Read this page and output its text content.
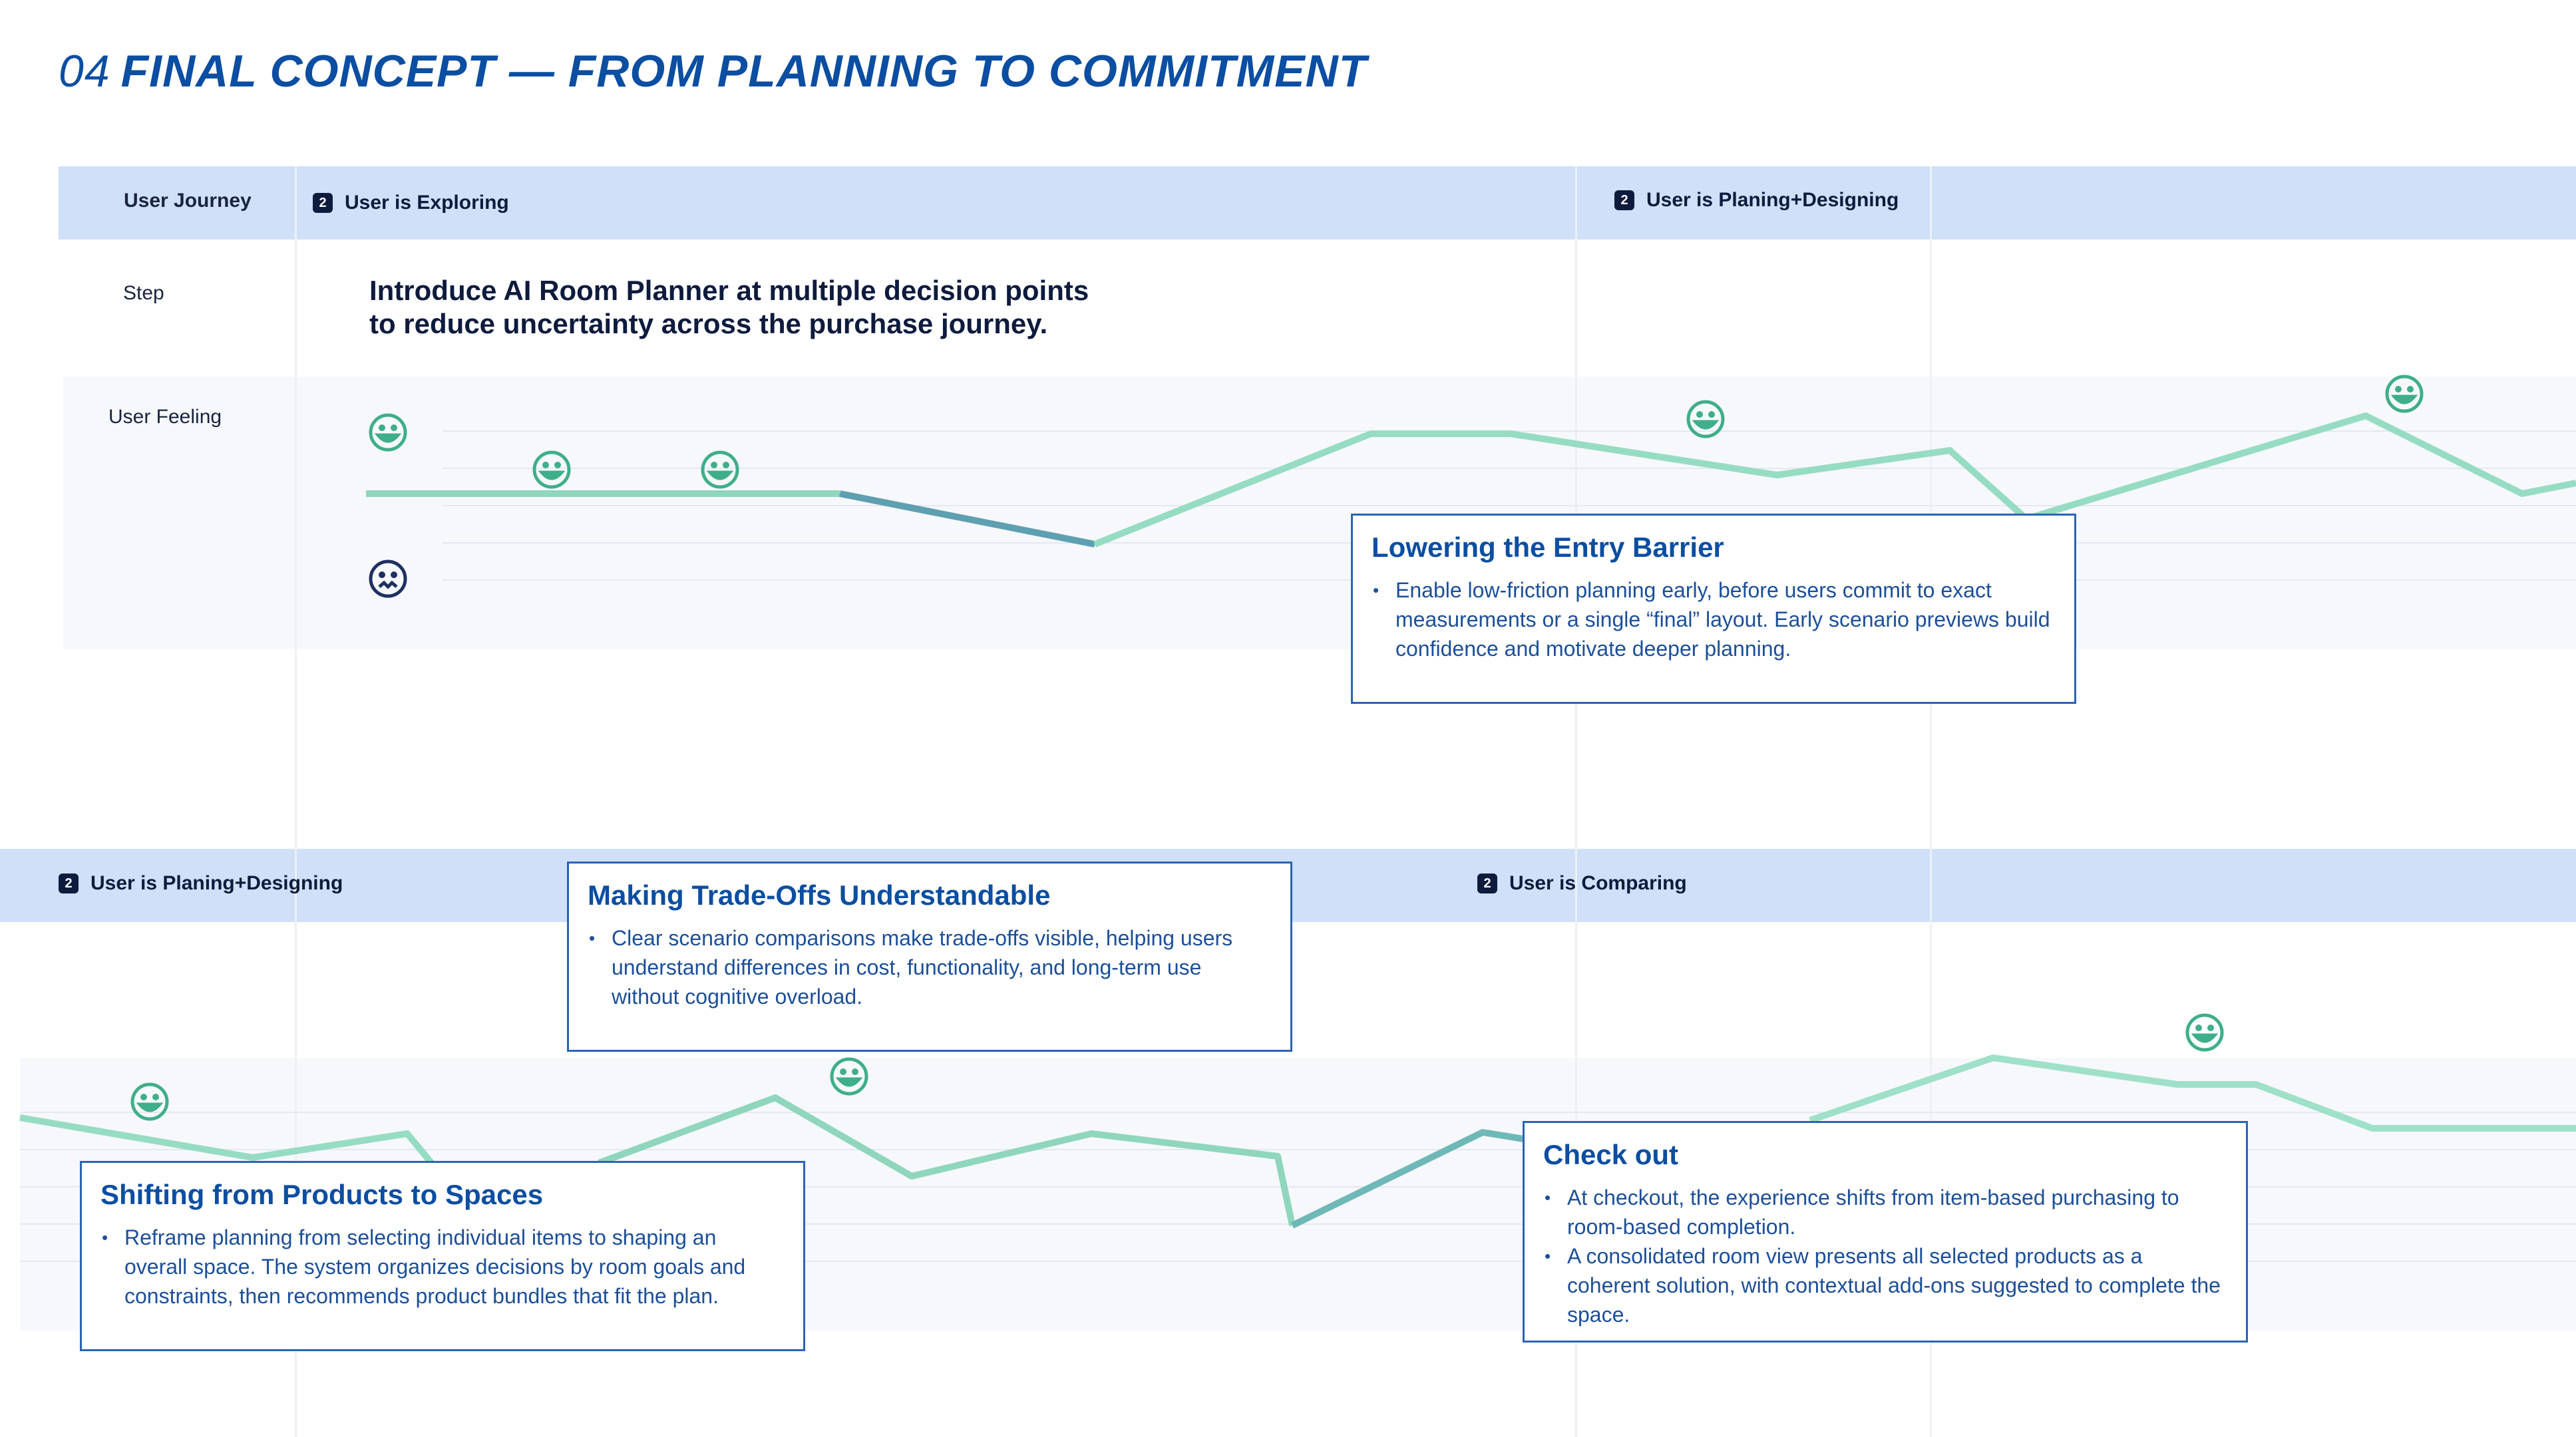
04 FINAL CONCEPT — FROM PLANNING TO COMMITMENT
User Journey
Step
User Feeling
2 User is Exploring	2 User is Planing+Designing
2 User is Planing+Designing	2 User is Comparing
Introduce AI Room Planner at multiple decision points
to reduce uncertainty across the purchase journey.
Lowering the Entry Barrier
• Enable low-friction planning early, before users commit to exact measurements or a single “final” layout. Early scenario previews build confidence and motivate deeper planning.
Making Trade-Offs Understandable
• Clear scenario comparisons make trade-offs visible, helping users understand differences in cost, functionality, and long-term use without cognitive overload.
Shifting from Products to Spaces
• Reframe planning from selecting individual items to shaping an overall space. The system organizes decisions by room goals and constraints, then recommends product bundles that fit the plan.
Check out
• At checkout, the experience shifts from item-based purchasing to room-based completion.
• A consolidated room view presents all selected products as a coherent solution, with contextual add-ons suggested to complete the space.
